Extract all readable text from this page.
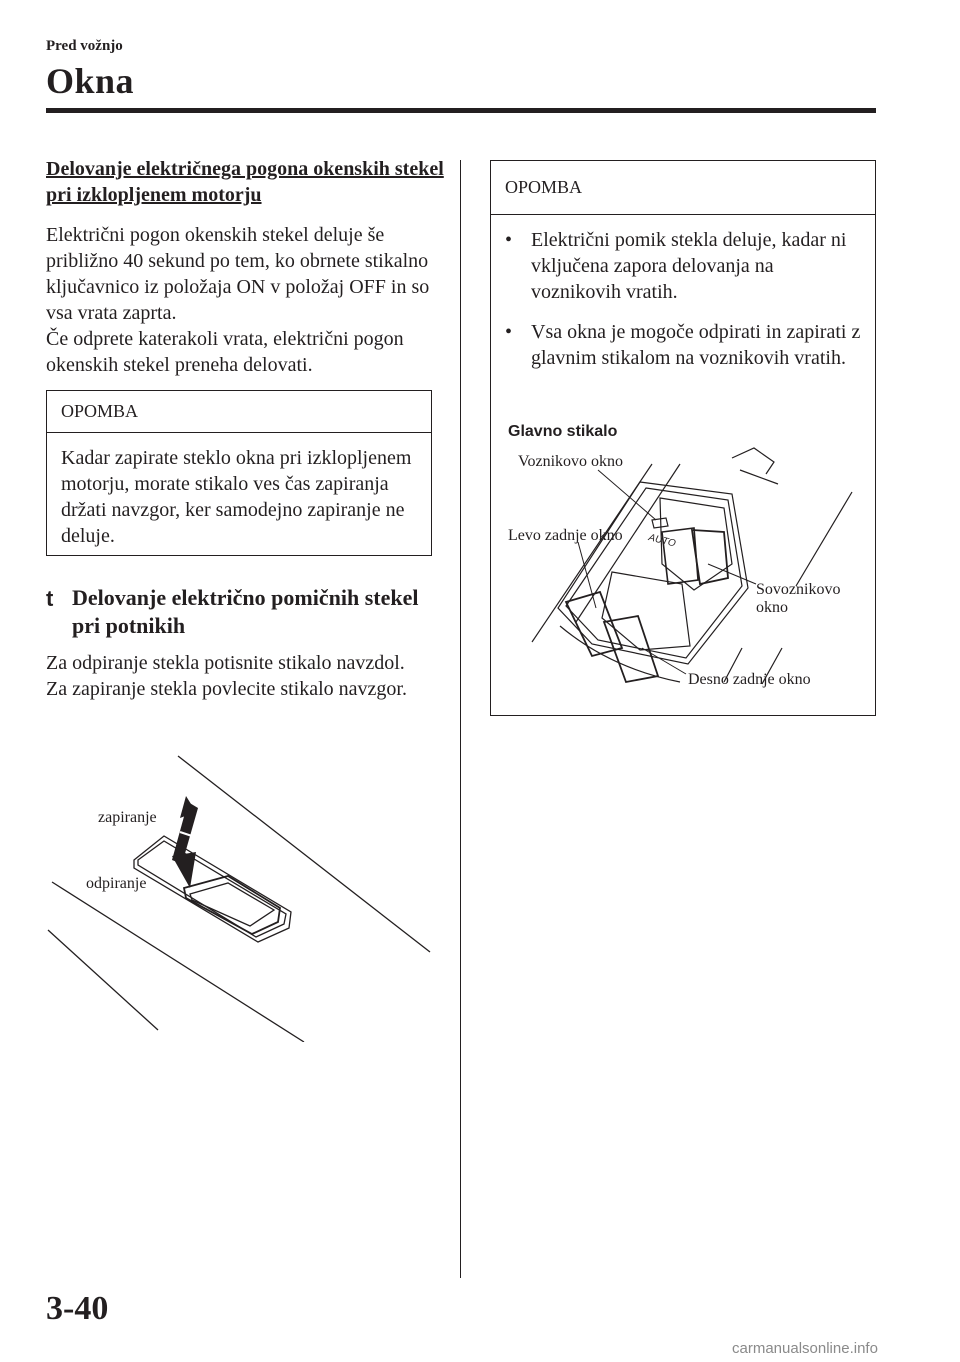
Pred vožnjo
Okna
Delovanje električnega pogona okenskih stekel pri izklopljenem motorju
Električni pogon okenskih stekel deluje še približno 40 sekund po tem, ko obrnete stikalno ključavnico iz položaja ON v položaj OFF in so vsa vrata zaprta.
Če odprete katerakoli vrata, električni pogon okenskih stekel preneha delovati.
OPOMBA
Kadar zapirate steklo okna pri izklopljenem motorju, morate stikalo ves čas zapiranja držati navzgor, ker samodejno zapiranje ne deluje.
t Delovanje električno pomičnih stekel pri potnikih
Za odpiranje stekla potisnite stikalo navzdol.
Za zapiranje stekla povlecite stikalo navzgor.
zapiranje
odpiranje
OPOMBA
• Električni pomik stekla deluje, kadar ni vključena zapora delovanja na voznikovih vratih.
• Vsa okna je mogoče odpirati in zapirati z glavnim stikalom na voznikovih vratih.
Glavno stikalo
AUTO
Voznikovo okno
Levo zadnje okno
Sovoznikovo
okno
Desno zadnje okno
3-40
carmanualsonline.info
